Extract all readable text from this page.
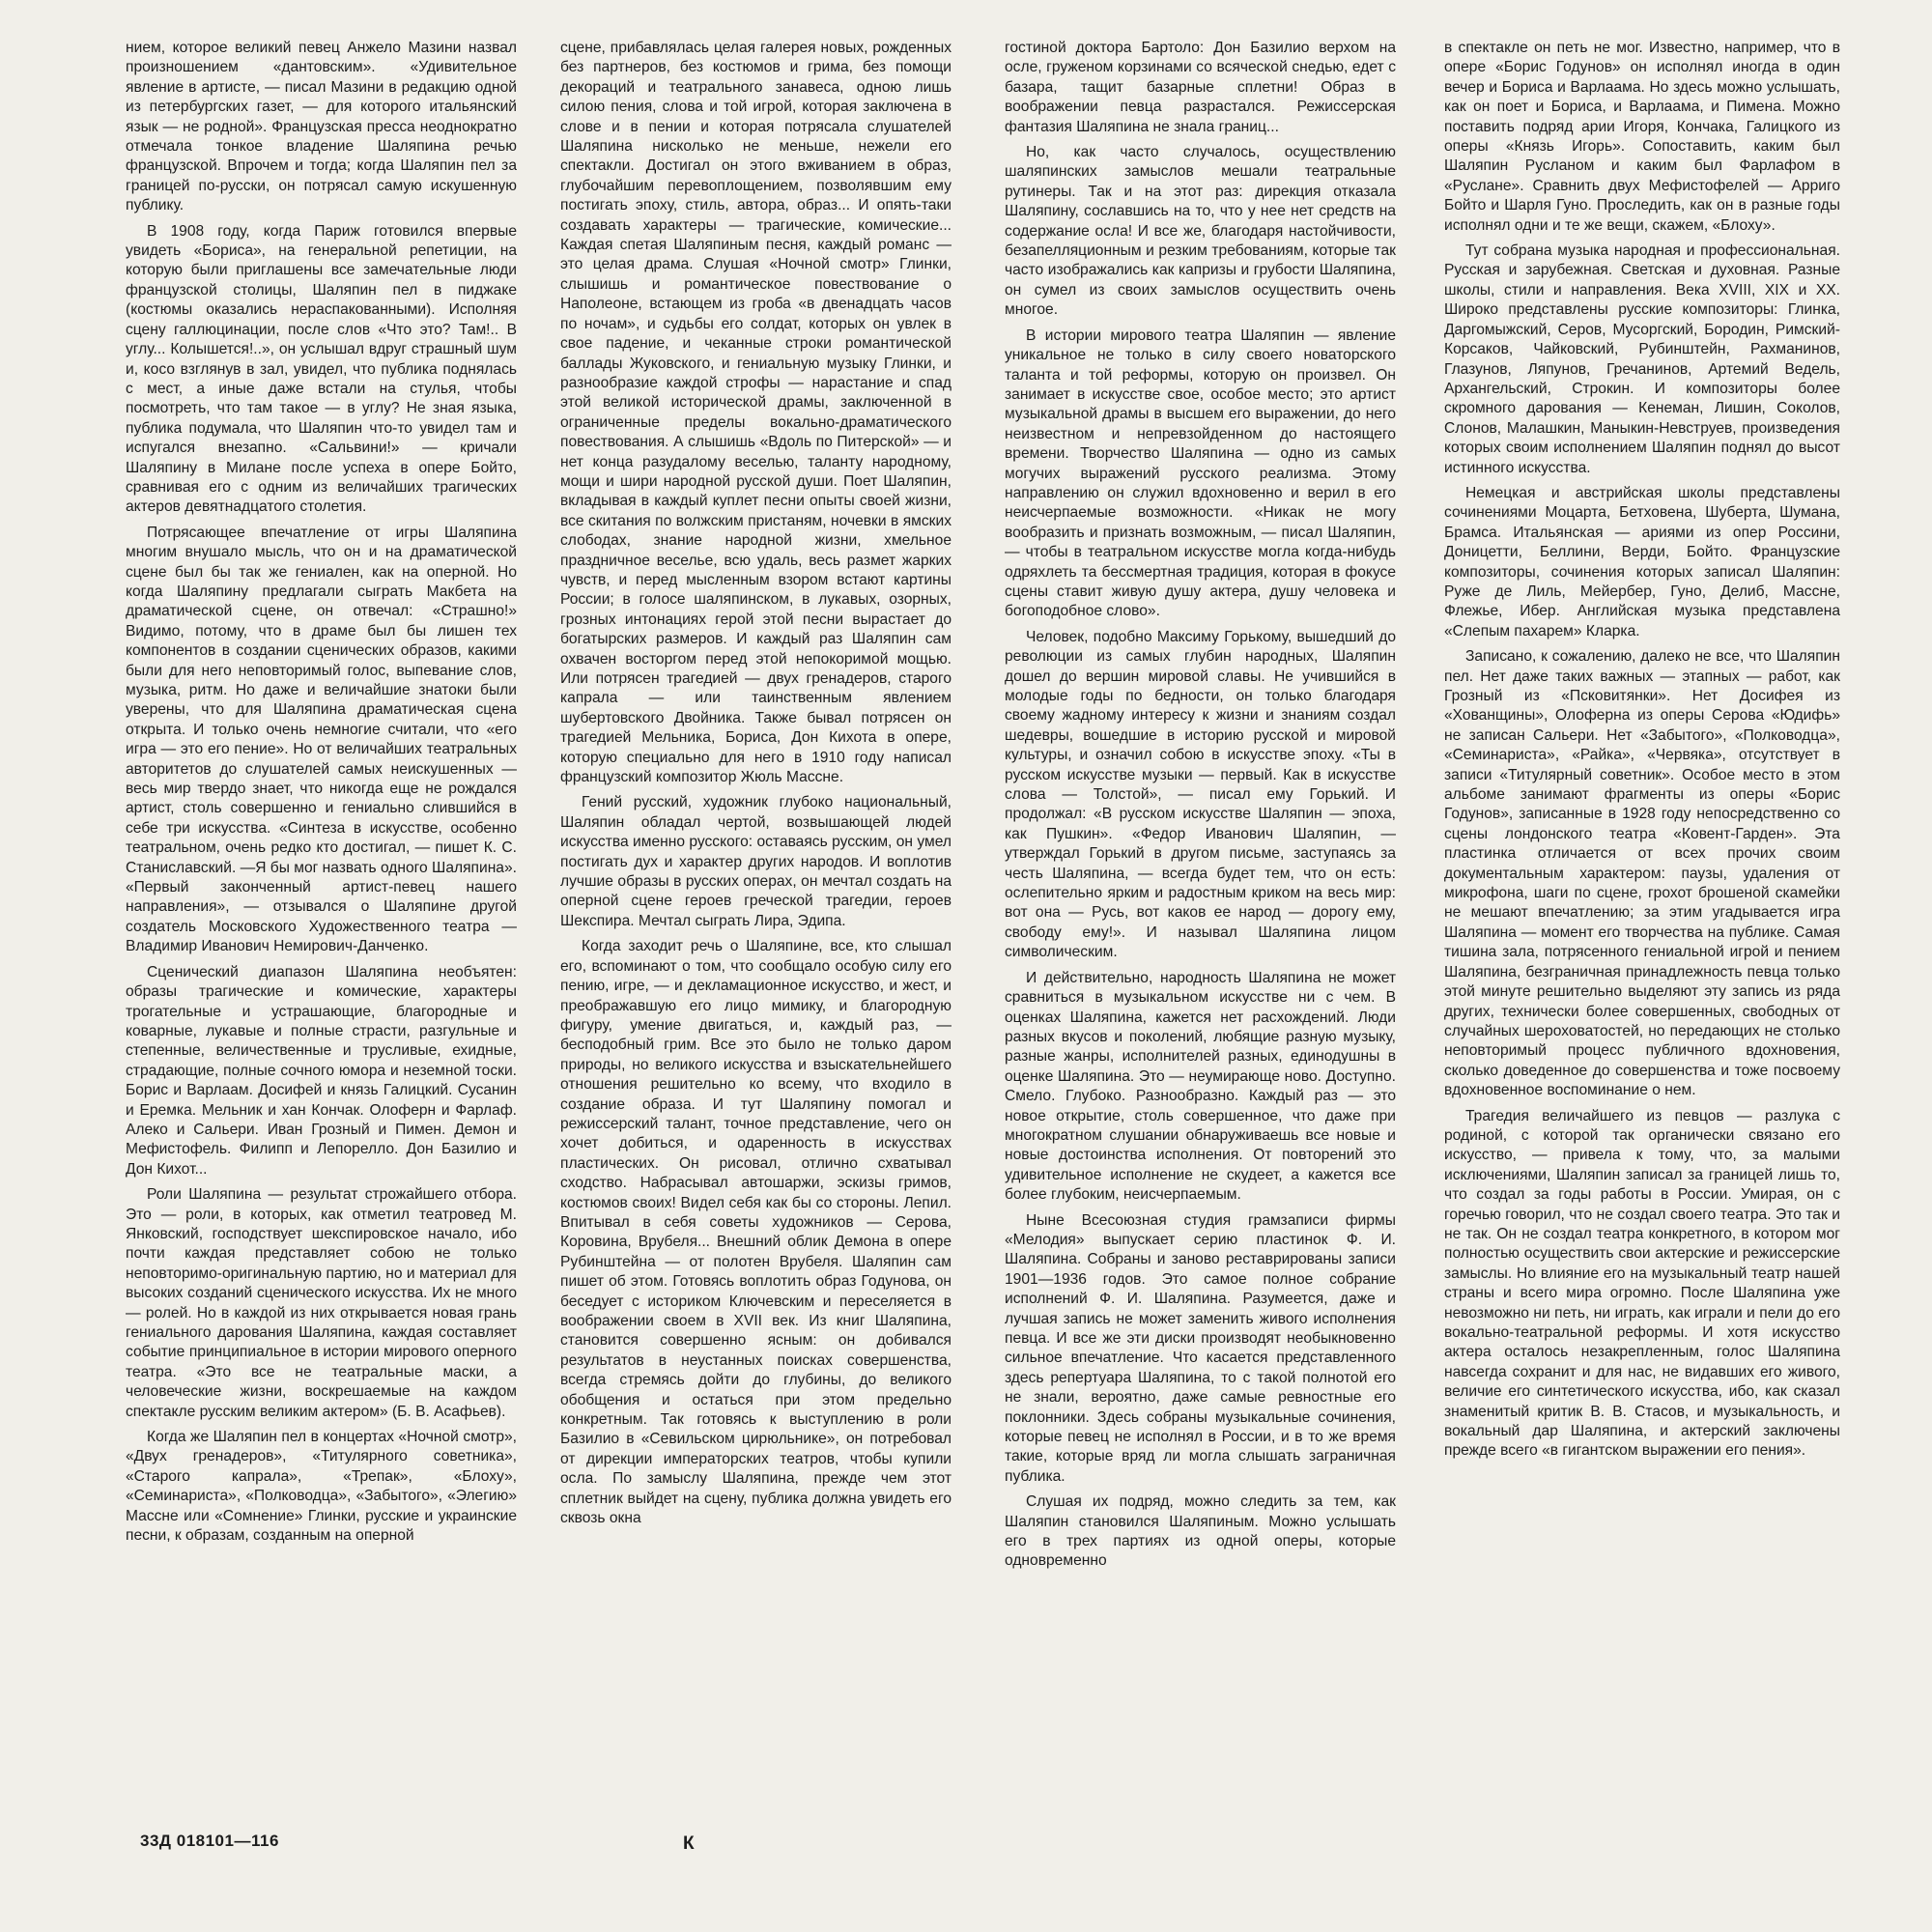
нием, которое великий певец Анжело Мазини назвал произношением «дантовским». «Удивительное явление в артисте, — писал Мазини в редакцию одной из петербургских газет, — для которого итальянский язык — не родной». Французская пресса неоднократно отмечала тонкое владение Шаляпина речью французской. Впрочем и тогда; когда Шаляпин пел за границей по-русски, он потрясал самую искушенную публику.

В 1908 году, когда Париж готовился впервые увидеть «Бориса», на генеральной репетиции, на которую были приглашены все замечательные люди французской столицы, Шаляпин пел в пиджаке (костюмы оказались нераспакованными). Исполняя сцену галлюцинации, после слов «Что это? Там!.. В углу... Колышется!..», он услышал вдруг страшный шум и, косо взглянув в зал, увидел, что публика поднялась с мест, а иные даже встали на стулья, чтобы посмотреть, что там такое — в углу? Не зная языка, публика подумала, что Шаляпин что-то увидел там и испугался внезапно. «Сальвини!» — кричали Шаляпину в Милане после успеха в опере Бойто, сравнивая его с одним из величайших трагических актеров девятнадцатого столетия.

Потрясающее впечатление от игры Шаляпина многим внушало мысль, что он и на драматической сцене был бы так же гениален, как на оперной. Но когда Шаляпину предлагали сыграть Макбета на драматической сцене, он отвечал: «Страшно!» Видимо, потому, что в драме был бы лишен тех компонентов в создании сценических образов, какими были для него неповторимый голос, выпевание слов, музыка, ритм. Но даже и величайшие знатоки были уверены, что для Шаляпина драматическая сцена открыта. И только очень немногие считали, что «его игра — это его пение». Но от величайших театральных авторитетов до слушателей самых неискушенных — весь мир твердо знает, что никогда еще не рождался артист, столь совершенно и гениально слившийся в себе три искусства. «Синтеза в искусстве, особенно театральном, очень редко кто достигал, — пишет К. С. Станиславский. —Я бы мог назвать одного Шаляпина». «Первый законченный артист-певец нашего направления», — отзывался о Шаляпине другой создатель Московского Художественного театра — Владимир Иванович Немирович-Данченко.

Сценический диапазон Шаляпина необъятен: образы трагические и комические, характеры трогательные и устрашающие, благородные и коварные, лукавые и полные страсти, разгульные и степенные, величественные и трусливые, ехидные, страдающие, полные сочного юмора и неземной тоски. Борис и Варлаам. Досифей и князь Галицкий. Сусанин и Еремка. Мельник и хан Кончак. Олоферн и Фарлаф. Алеко и Сальери. Иван Грозный и Пимен. Демон и Мефистофель. Филипп и Лепорелло. Дон Базилио и Дон Кихот...

Роли Шаляпина — результат строжайшего отбора. Это — роли, в которых, как отметил театровед М. Янковский, господствует шекспировское начало, ибо почти каждая представляет собою не только неповторимо-оригинальную партию, но и материал для высоких созданий сценического искусства. Их не много — ролей. Но в каждой из них открывается новая грань гениального дарования Шаляпина, каждая составляет событие принципиальное в истории мирового оперного театра. «Это все не театральные маски, а человеческие жизни, воскрешаемые на каждом спектакле русским великим актером» (Б. В. Асафьев).

Когда же Шаляпин пел в концертах «Ночной смотр», «Двух гренадеров», «Титулярного советника», «Старого капрала», «Трепак», «Блоху», «Семинариста», «Полководца», «Забытого», «Элегию» Массне или «Сомнение» Глинки, русские и украинские песни, к образам, созданным на оперной

сцене, прибавлялась целая галерея новых, рожденных без партнеров, без костюмов и грима, без помощи декораций и театрального занавеса, одною лишь силою пения, слова и той игрой, которая заключена в слове и в пении и которая потрясала слушателей Шаляпина нисколько не меньше, нежели его спектакли. Достигал он этого вживанием в образ, глубочайшим перевоплощением, позволявшим ему постигать эпоху, стиль, автора, образ... И опять-таки создавать характеры — трагические, комические... Каждая спетая Шаляпиным песня, каждый романс — это целая драма. Слушая «Ночной смотр» Глинки, слышишь и романтическое повествование о Наполеоне, встающем из гроба «в двенадцать часов по ночам», и судьбы его солдат, которых он увлек в свое падение, и чеканные строки романтической баллады Жуковского, и гениальную музыку Глинки, и разнообразие каждой строфы — нарастание и спад этой великой исторической драмы, заключенной в ограниченные пределы вокально-драматического повествования. А слышишь «Вдоль по Питерской» — и нет конца разудалому веселью, таланту народному, мощи и шири народной русской души. Поет Шаляпин, вкладывая в каждый куплет песни опыты своей жизни, все скитания по волжским пристаням, ночевки в ямских слободах, знание народной жизни, хмельное праздничное веселье, всю удаль, весь размет жарких чувств, и перед мысленным взором встают картины России; в голосе шаляпинском, в лукавых, озорных, грозных интонациях герой этой песни вырастает до богатырских размеров. И каждый раз Шаляпин сам охвачен восторгом перед этой непокоримой мощью. Или потрясен трагедией — двух гренадеров, старого капрала — или таинственным явлением шубертовского Двойника. Также бывал потрясен он трагедией Мельника, Бориса, Дон Кихота в опере, которую специально для него в 1910 году написал французский композитор Жюль Массне.

Гений русский, художник глубоко национальный, Шаляпин обладал чертой, возвышающей людей искусства именно русского: оставаясь русским, он умел постигать дух и характер других народов. И воплотив лучшие образы в русских операх, он мечтал создать на оперной сцене героев греческой трагедии, героев Шекспира. Мечтал сыграть Лира, Эдипа.

Когда заходит речь о Шаляпине, все, кто слышал его, вспоминают о том, что сообщало особую силу его пению, игре, — и декламационное искусство, и жест, и преображавшую его лицо мимику, и благородную фигуру, умение двигаться, и, каждый раз, — бесподобный грим. Все это было не только даром природы, но великого искусства и взыскательнейшего отношения решительно ко всему, что входило в создание образа. И тут Шаляпину помогал и режиссерский талант, точное представление, чего он хочет добиться, и одаренность в искусствах пластических. Он рисовал, отлично схватывал сходство. Набрасывал автошаржи, эскизы гримов, костюмов своих! Видел себя как бы со стороны. Лепил. Впитывал в себя советы художников — Серова, Коровина, Врубеля... Внешний облик Демона в опере Рубинштейна — от полотен Врубеля. Шаляпин сам пишет об этом. Готовясь воплотить образ Годунова, он беседует с историком Ключевским и переселяется в воображении своем в XVII век. Из книг Шаляпина, становится совершенно ясным: он добивался результатов в неустанных поисках совершенства, всегда стремясь дойти до глубины, до великого обобщения и остаться при этом предельно конкретным. Так готовясь к выступлению в роли Базилио в «Севильском цирюльнике», он потребовал от дирекции императорских театров, чтобы купили осла. По замыслу Шаляпина, прежде чем этот сплетник выйдет на сцену, публика должна увидеть его сквозь окна

гостиной доктора Бартоло: Дон Базилио верхом на осле, груженом корзинами со всячеcкой снедью, едет с базара, тащит базарные сплетни! Образ в воображении певца разрастался. Режиссерская фантазия Шаляпина не знала границ...

Но, как часто случалось, осуществлению шаляпинских замыслов мешали театральные рутинеры. Так и на этот раз: дирекция отказала Шаляпину, сославшись на то, что у нее нет средств на содержание осла! И все же, благодаря настойчивости, безапелляционным и резким требованиям, которые так часто изображались как капризы и грубости Шаляпина, он сумел из своих замыслов осуществить очень многое.

В истории мирового театра Шаляпин — явление уникальное не только в силу своего новаторского таланта и той реформы, которую он произвел. Он занимает в искусстве свое, особое место; это артист музыкальной драмы в высшем его выражении, до него неизвестном и непревзойденном до настоящего времени. Творчество Шаляпина — одно из самых могучих выражений русского реализма. Этому направлению он служил вдохновенно и верил в его неисчерпаемые возможности. «Никак не могу вообразить и признать возможным, — писал Шаляпин, — чтобы в театральном искусстве могла когда-нибудь одряхлеть та бессмертная традиция, которая в фокусе сцены ставит живую душу актера, душу человека и богоподобное слово».

Человек, подобно Максиму Горькому, вышедший до революции из самых глубин народных, Шаляпин дошел до вершин мировой славы. Не учившийся в молодые годы по бедности, он только благодаря своему жадному интересу к жизни и знаниям создал шедевры, вошедшие в историю русской и мировой культуры, и означил собою в искусстве эпоху. «Ты в русском искусстве музыки — первый. Как в искусстве слова — Толстой», — писал ему Горький. И продолжал: «В русском искусстве Шаляпин — эпоха, как Пушкин». «Федор Иванович Шаляпин, — утверждал Горький в другом письме, заступаясь за честь Шаляпина, — всегда будет тем, что он есть: ослепительно ярким и радостным криком на весь мир: вот она — Русь, вот каков ее народ — дорогу ему, свободу ему!». И называл Шаляпина лицом символическим.

И действительно, народность Шаляпина не может сравниться в музыкальном искусстве ни с чем. В оценках Шаляпина, кажется нет расхождений. Люди разных вкусов и поколений, любящие разную музыку, разные жанры, исполнителей разных, единодушны в оценке Шаляпина. Это — неумирающе ново. Доступно. Смело. Глубоко. Разнообразно. Каждый раз — это новое открытие, столь совершенное, что даже при многократном слушании обнаруживаешь все новые и новые достоинства исполнения. От повторений это удивительное исполнение не скудеет, а кажется все более глубоким, неисчерпаемым.

Ныне Всесоюзная студия грамзаписи фирмы «Мелодия» выпускает серию пластинок Ф. И. Шаляпина. Собраны и заново реставрированы записи 1901—1936 годов. Это самое полное собрание исполнений Ф. И. Шаляпина. Разумеется, даже и лучшая запись не может заменить живого исполнения певца. И все же эти диски производят необыкновенно сильное впечатление. Что касается представленного здесь репертуара Шаляпина, то с такой полнотой его не знали, вероятно, даже самые ревностные его поклонники. Здесь собраны музыкальные сочинения, которые певец не исполнял в России, и в то же время такие, которые вряд ли могла слышать заграничная публика.

Слушая их подряд, можно следить за тем, как Шаляпин становился Шаляпиным. Можно услышать его в трех партиях из одной оперы, которые одновременно

в спектакле он петь не мог. Известно, например, что в опере «Борис Годунов» он исполнял иногда в один вечер и Бориса и Варлаама. Но здесь можно услышать, как он поет и Бориса, и Варлаама, и Пимена. Можно поставить подряд арии Игоря, Кончака, Галицкого из оперы «Князь Игорь». Сопоставить, каким был Шаляпин Русланом и каким был Фарлафом в «Руслане». Сравнить двух Мефистофелей — Арриго Бойто и Шарля Гуно. Проследить, как он в разные годы исполнял одни и те же вещи, скажем, «Блоху».

Тут собрана музыка народная и профессиональная. Русская и зарубежная. Светская и духовная. Разные школы, стили и направления. Века XVIII, XIX и XX. Широко представлены русские композиторы: Глинка, Даргомыжский, Серов, Мусоргский, Бородин, Римский-Корсаков, Чайковский, Рубинштейн, Рахманинов, Глазунов, Ляпунов, Гречанинов, Артемий Ведель, Архангельский, Строкин. И композиторы более скромного дарования — Кенеман, Лишин, Соколов, Слонов, Малашкин, Маныкин-Невструев, произведения которых своим исполнением Шаляпин поднял до высот истинного искусства.

Немецкая и австрийская школы представлены сочинениями Моцарта, Бетховена, Шуберта, Шумана, Брамса. Итальянская — ариями из опер Россини, Доницетти, Беллини, Верди, Бойто. Французские композиторы, сочинения которых записал Шаляпин: Руже де Лиль, Мейербер, Гуно, Делиб, Массне, Флежье, Ибер. Английская музыка представлена «Слепым пахарем» Кларка.

Записано, к сожалению, далеко не все, что Шаляпин пел. Нет даже таких важных — этапных — работ, как Грозный из «Псковитянки». Нет Досифея из «Хованщины», Олоферна из оперы Серова «Юдифь» не записан Сальери. Нет «Забытого», «Полководца», «Семинариста», «Райка», «Червяка», отсутствует в записи «Титулярный советник». Особое место в этом альбоме занимают фрагменты из оперы «Борис Годунов», записанные в 1928 году непосредственно со сцены лондонского театра «Ковент-Гарден». Эта пластинка отличается от всех прочих своим документальным характером: паузы, удаления от микрофона, шаги по сцене, грохот брошеной скамейки не мешают впечатлению; за этим угадывается игра Шаляпина — момент его творчества на публике. Самая тишина зала, потрясенного гениальной игрой и пением Шаляпина, безграничная принадлежность певца только этой минуте решительно выделяют эту запись из ряда других, технически более совершенных, свободных от случайных шероховатостей, но передающих не столько неповторимый процесс публичного вдохновения, сколько доведенное до совершенства и тоже посвоему вдохновенное воспоминание о нем.

Трагедия величайшего из певцов — разлука с родиной, с которой так органически связано его искусство, — привела к тому, что, за малыми исключениями, Шаляпин записал за границей лишь то, что создал за годы работы в России. Умирая, он с горечью говорил, что не создал своего театра. Это так и не так. Он не создал театра конкретного, в котором мог полностью осуществить свои актерские и режиссерские замыслы. Но влияние его на музыкальный театр нашей страны и всего мира огромно. После Шаляпина уже невозможно ни петь, ни играть, как играли и пели до его вокально-театральной реформы. И хотя искусство актера осталось незакрепленным, голос Шаляпина навсегда сохранит и для нас, не видавших его живого, величие его синтетического искусства, ибо, как сказал знаменитый критик В. В. Стасов, и музыкальность, и вокальный дар Шаляпина, и актерский заключены прежде всего «в гигантском выражении его пения».

33Д 018101—116	К
